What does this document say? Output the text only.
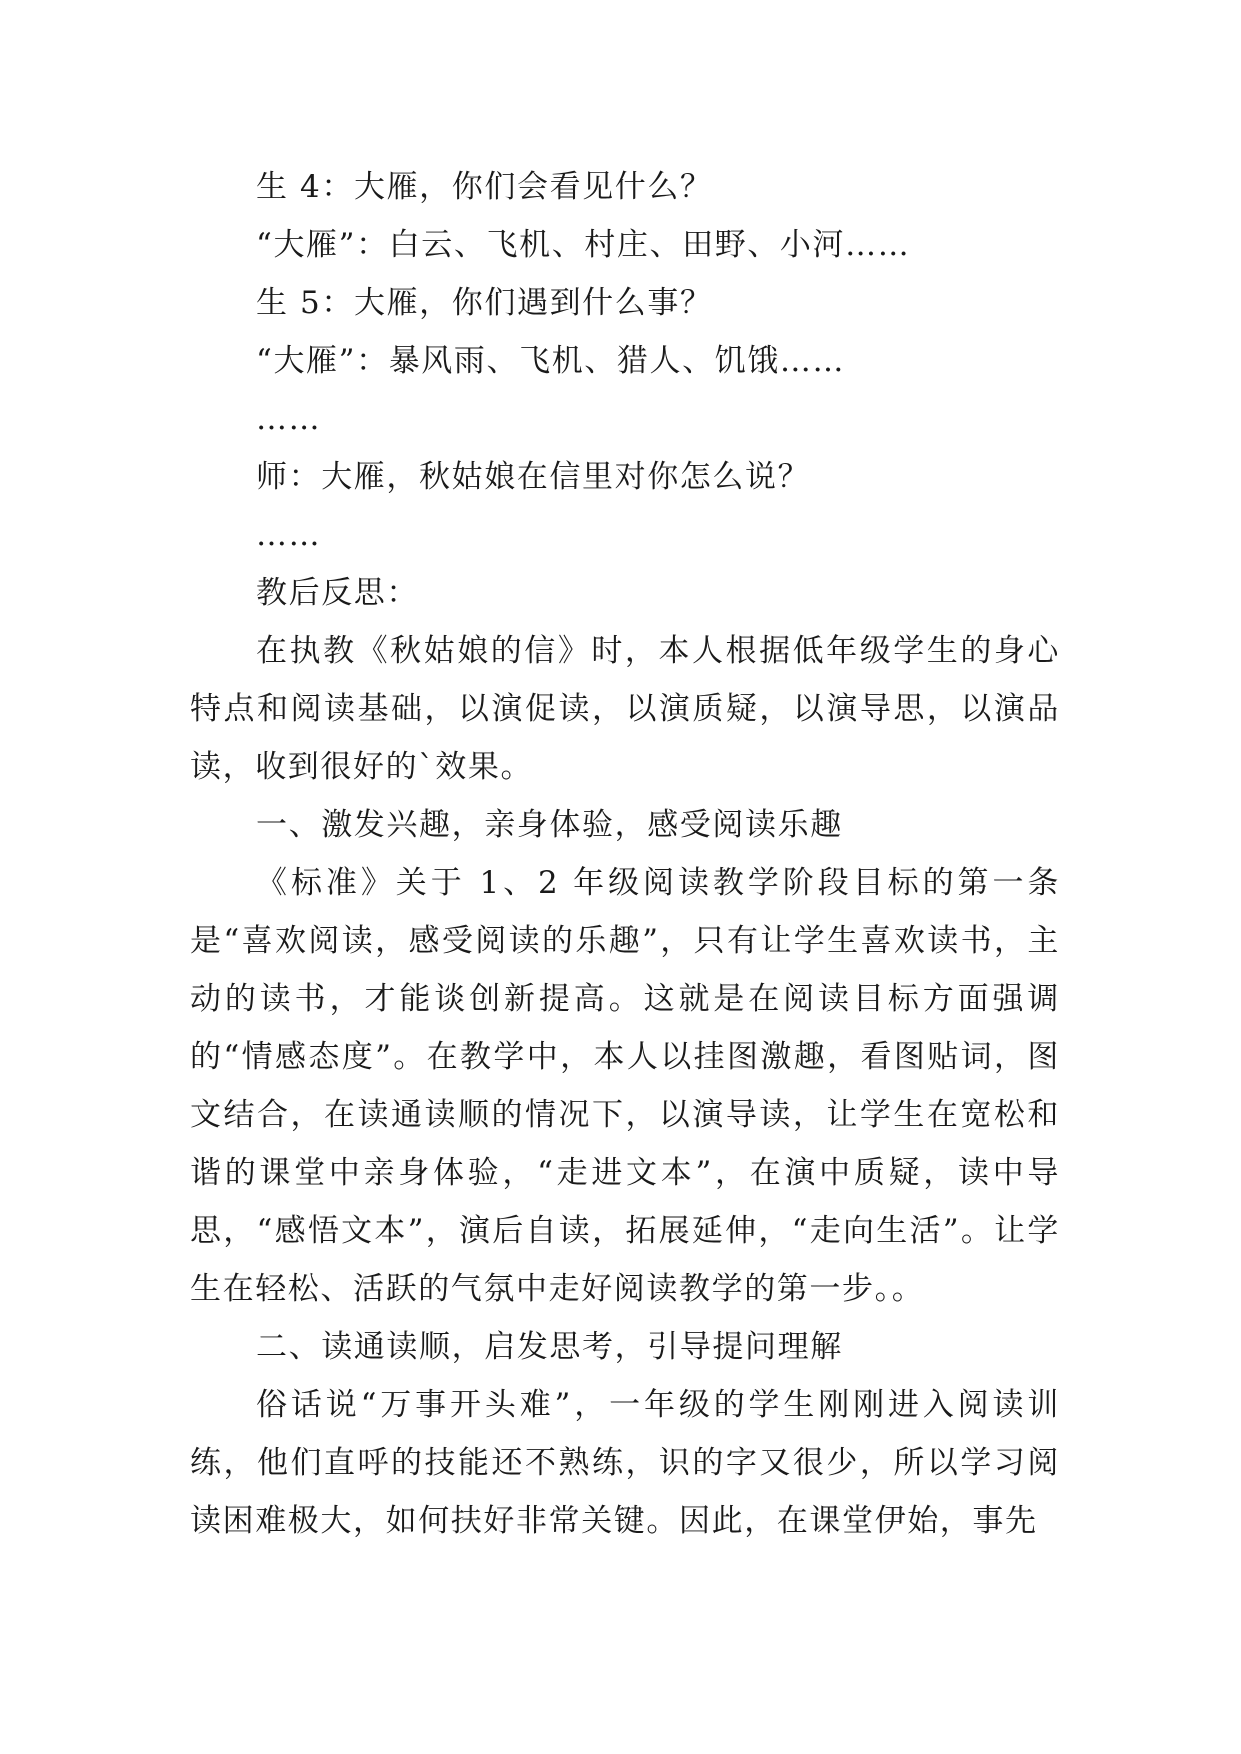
生 4：大雁，你们会看见什么？

“大雁”：白云、飞机、村庄、田野、小河……

生 5：大雁，你们遇到什么事？

“大雁”：暴风雨、飞机、猎人、饥饿……

……

师：大雁，秋姑娘在信里对你怎么说？

……

教后反思：

在执教《秋姑娘的信》时，本人根据低年级学生的身心特点和阅读基础，以演促读，以演质疑，以演导思，以演品读，收到很好的`效果。

一、激发兴趣，亲身体验，感受阅读乐趣

《标准》关于 1、2 年级阅读教学阶段目标的第一条是“喜欢阅读，感受阅读的乐趣”，只有让学生喜欢读书，主动的读书，才能谈创新提高。这就是在阅读目标方面强调的“情感态度”。在教学中，本人以挂图激趣，看图贴词，图文结合，在读通读顺的情况下，以演导读，让学生在宽松和谐的课堂中亲身体验，“走进文本”，在演中质疑，读中导思，“感悟文本”，演后自读，拓展延伸，“走向生活”。让学生在轻松、活跃的气氛中走好阅读教学的第一步。。

二、读通读顺，启发思考，引导提问理解

俗话说“万事开头难”，一年级的学生刚刚进入阅读训练，他们直呼的技能还不熟练，识的字又很少，所以学习阅读困难极大，如何扶好非常关键。因此，在课堂伊始，事先
